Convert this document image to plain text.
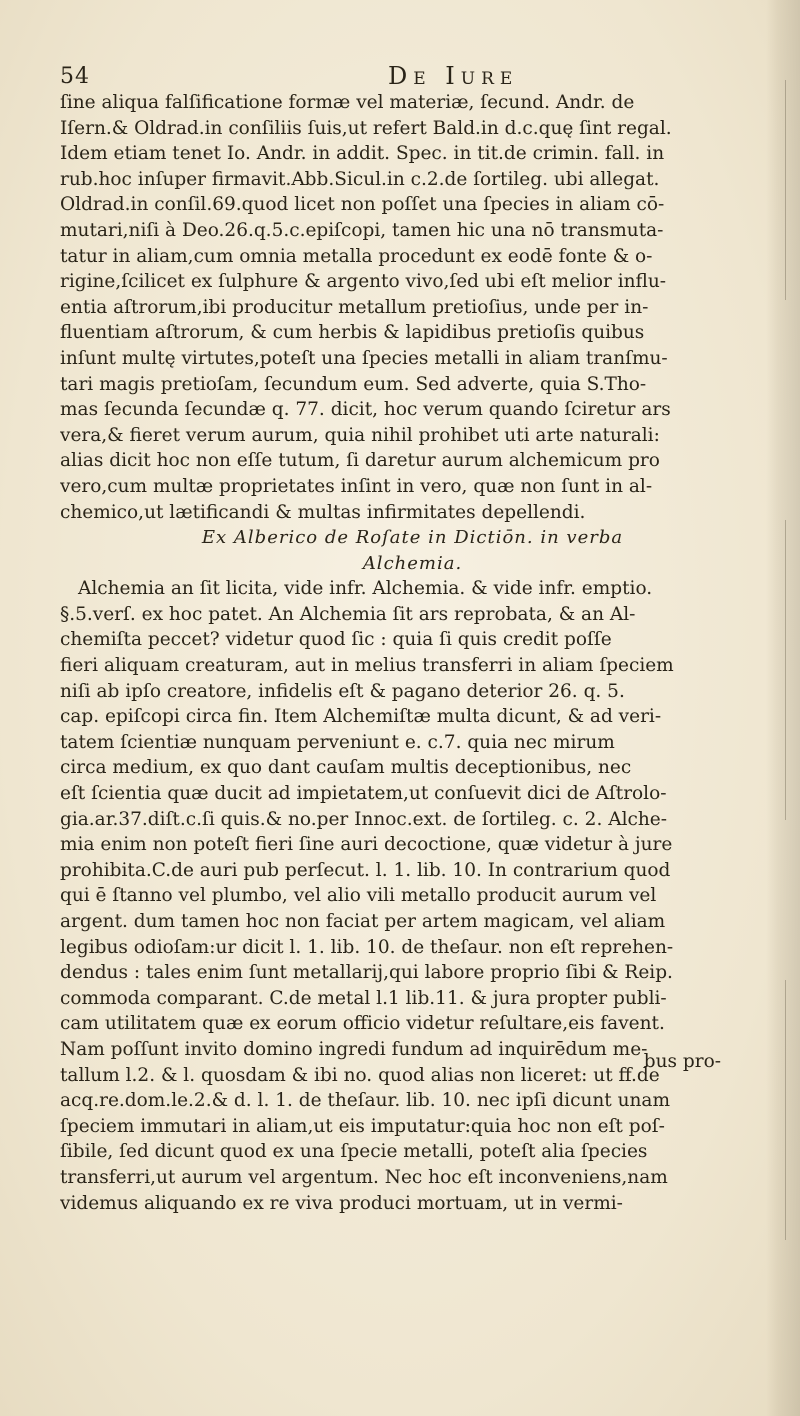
54	De Iure
ſine aliqua falſificatione formæ vel materiæ, ſecund. Andr. de
Iſern.& Oldrad.in conſiliis ſuis,ut refert Bald.in d.c.quę ſint regal.
Idem etiam tenet Io. Andr. in addit. Spec. in tit.de crimin. fall. in
rub.hoc inſuper firmavit.Abb.Sicul.in c.2.de ſortileg. ubi allegat.
Oldrad.in conſil.69.quod licet non poſſet una ſpecies in aliam cō-
mutari,niſi à Deo.26.q.5.c.epiſcopi, tamen hic una nō transmuta-
tatur in aliam,cum omnia metalla procedunt ex eodē fonte & o-
rigine,ſcilicet ex ſulphure & argento vivo,ſed ubi eſt melior influ-
entia aſtrorum,ibi producitur metallum pretioſius, unde per in-
fluentiam aſtrorum, & cum herbis & lapidibus pretioſis quibus
inſunt multę virtutes,poteſt una ſpecies metalli in aliam tranſmu-
tari magis pretioſam, ſecundum eum. Sed adverte, quia S.Tho-
mas ſecunda ſecundæ q. 77. dicit, hoc verum quando ſciretur ars
vera,& fieret verum aurum, quia nihil prohibet uti arte naturali:
alias dicit hoc non eſſe tutum, ſi daretur aurum alchemicum pro
vero,cum multæ proprietates inſint in vero, quæ non ſunt in al-
chemico,ut lætificandi & multas infirmitates depellendi.
Ex Alberico de Roſate in Dictiōn. in verba
Alchemia.
Alchemia an ſit licita, vide infr. Alchemia. & vide infr. emptio.
§.5.verſ. ex hoc patet. An Alchemia ſit ars reprobata, & an Al-
chemiſta peccet? videtur quod ſic : quia ſi quis credit poſſe
fieri aliquam creaturam, aut in melius transferri in aliam ſpeciem
niſi ab ipſo creatore, infidelis eſt & pagano deterior 26. q. 5.
cap. epiſcopi circa fin. Item Alchemiſtæ multa dicunt, & ad veri-
tatem ſcientiæ nunquam perveniunt e. c.7. quia nec mirum
circa medium, ex quo dant cauſam multis deceptionibus, nec
eſt ſcientia quæ ducit ad impietatem,ut conſuevit dici de Aſtrolo-
gia.ar.37.diſt.c.ſi quis.& no.per Innoc.ext. de ſortileg. c. 2. Alche-
mia enim non poteſt fieri ſine auri decoctione, quæ videtur à jure
prohibita.C.de auri pub perſecut. l. 1. lib. 10. In contrarium quod
qui ē ſtanno vel plumbo, vel alio vili metallo producit aurum vel
argent. dum tamen hoc non faciat per artem magicam, vel aliam
legibus odioſam:ur dicit l. 1. lib. 10. de theſaur. non eſt reprehen-
dendus : tales enim ſunt metallarij,qui labore proprio ſibi & Reip.
commoda comparant. C.de metal l.1 lib.11. & jura propter publi-
cam utilitatem quæ ex eorum officio videtur reſultare,eis favent.
Nam poſſunt invito domino ingredi fundum ad inquirēdum me-
tallum l.2. & l. quosdam & ibi no. quod alias non liceret: ut ff.de
acq.re.dom.le.2.& d. l. 1. de theſaur. lib. 10. nec ipſi dicunt unam
ſpeciem immutari in aliam,ut eis imputatur:quia hoc non eſt poſ-
ſibile, ſed dicunt quod ex una ſpecie metalli, poteſt alia ſpecies
transferri,ut aurum vel argentum. Nec hoc eſt inconveniens,nam
videmus aliquando ex re viva produci mortuam, ut in vermi-
bus pro-
